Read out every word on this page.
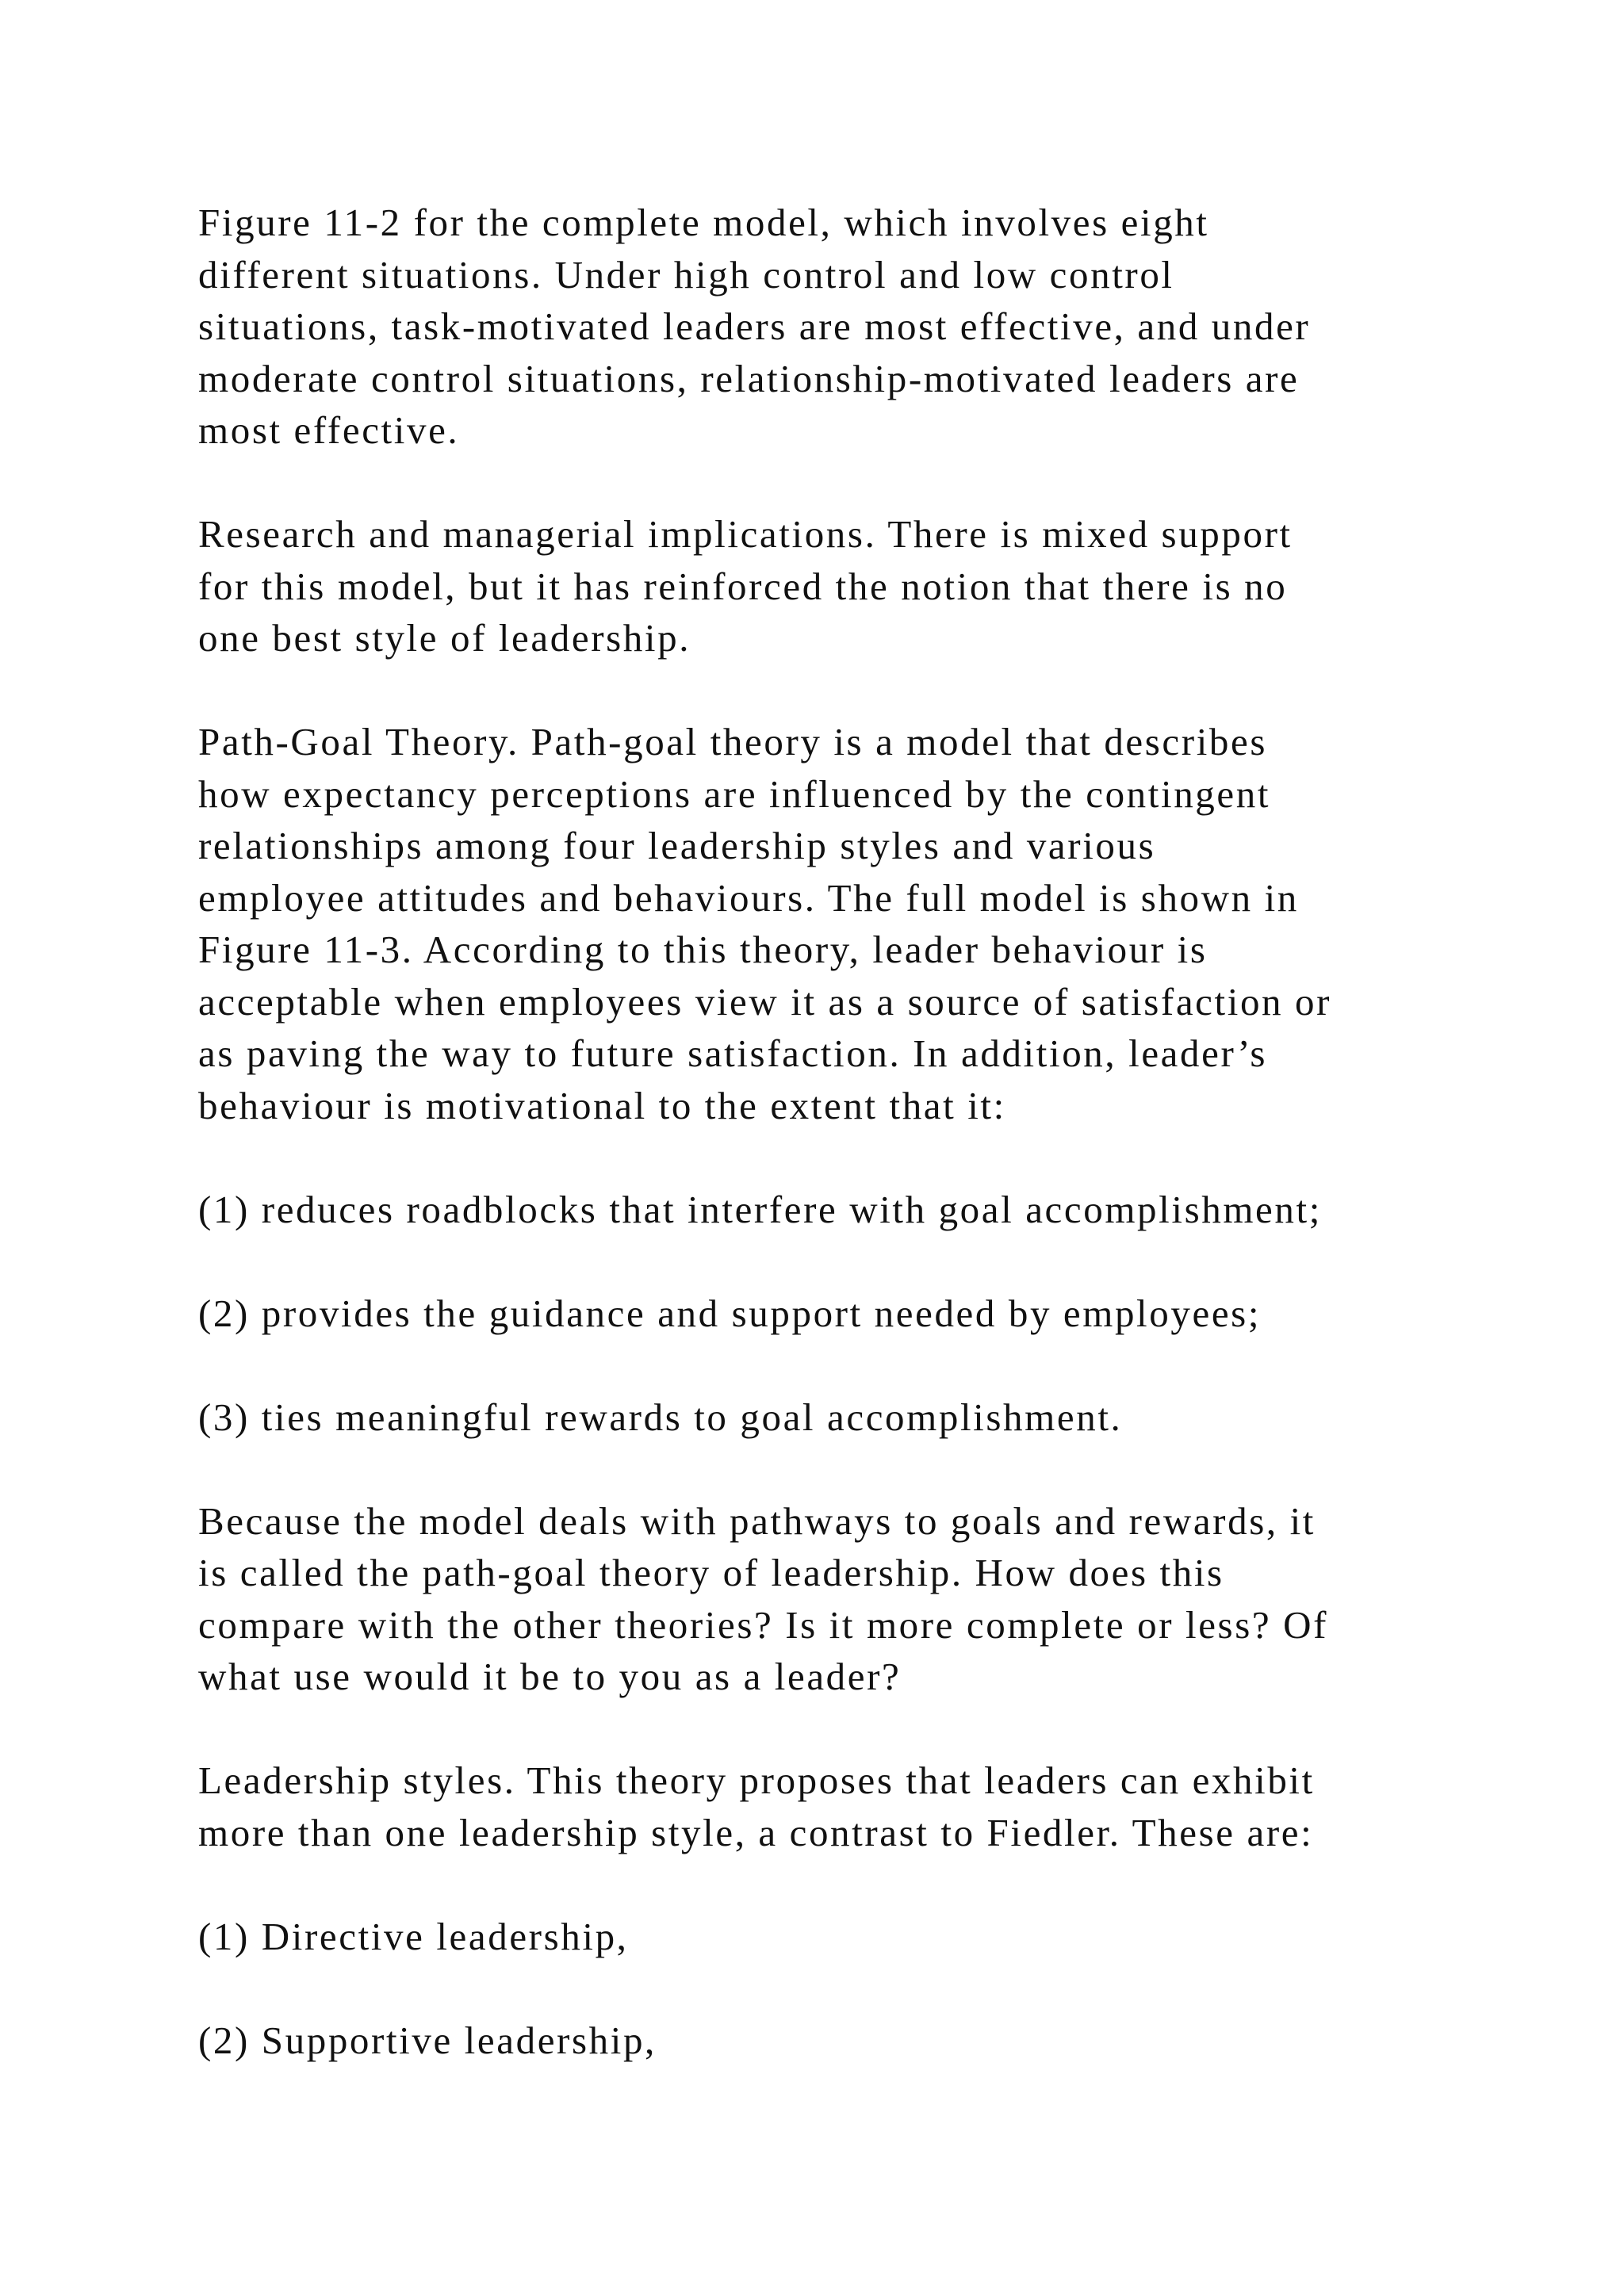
Figure 11-2 for the complete model, which involves eight

different situations. Under high control and low control

situations, task-motivated leaders are most effective, and under

moderate control situations, relationship-motivated leaders are

most effective.

Research and managerial implications. There is mixed support

for this model, but it has reinforced the notion that there is no

one best style of leadership.

Path-Goal Theory. Path-goal theory is a model that describes

how expectancy perceptions are influenced by the contingent

relationships among four leadership styles and various

employee attitudes and behaviours. The full model is shown in

Figure 11-3. According to this theory, leader behaviour is

acceptable when employees view it as a source of satisfaction or

as paving the way to future satisfaction. In addition, leader’s

behaviour is motivational to the extent that it:

(1) reduces roadblocks that interfere with goal accomplishment;

(2) provides the guidance and support needed by employees;

(3) ties meaningful rewards to goal accomplishment.

Because the model deals with pathways to goals and rewards, it

is called the path-goal theory of leadership. How does this

compare with the other theories? Is it more complete or less? Of

what use would it be to you as a leader?

Leadership styles. This theory proposes that leaders can exhibit

more than one leadership style, a contrast to Fiedler. These are:

(1) Directive leadership,

(2) Supportive leadership,
